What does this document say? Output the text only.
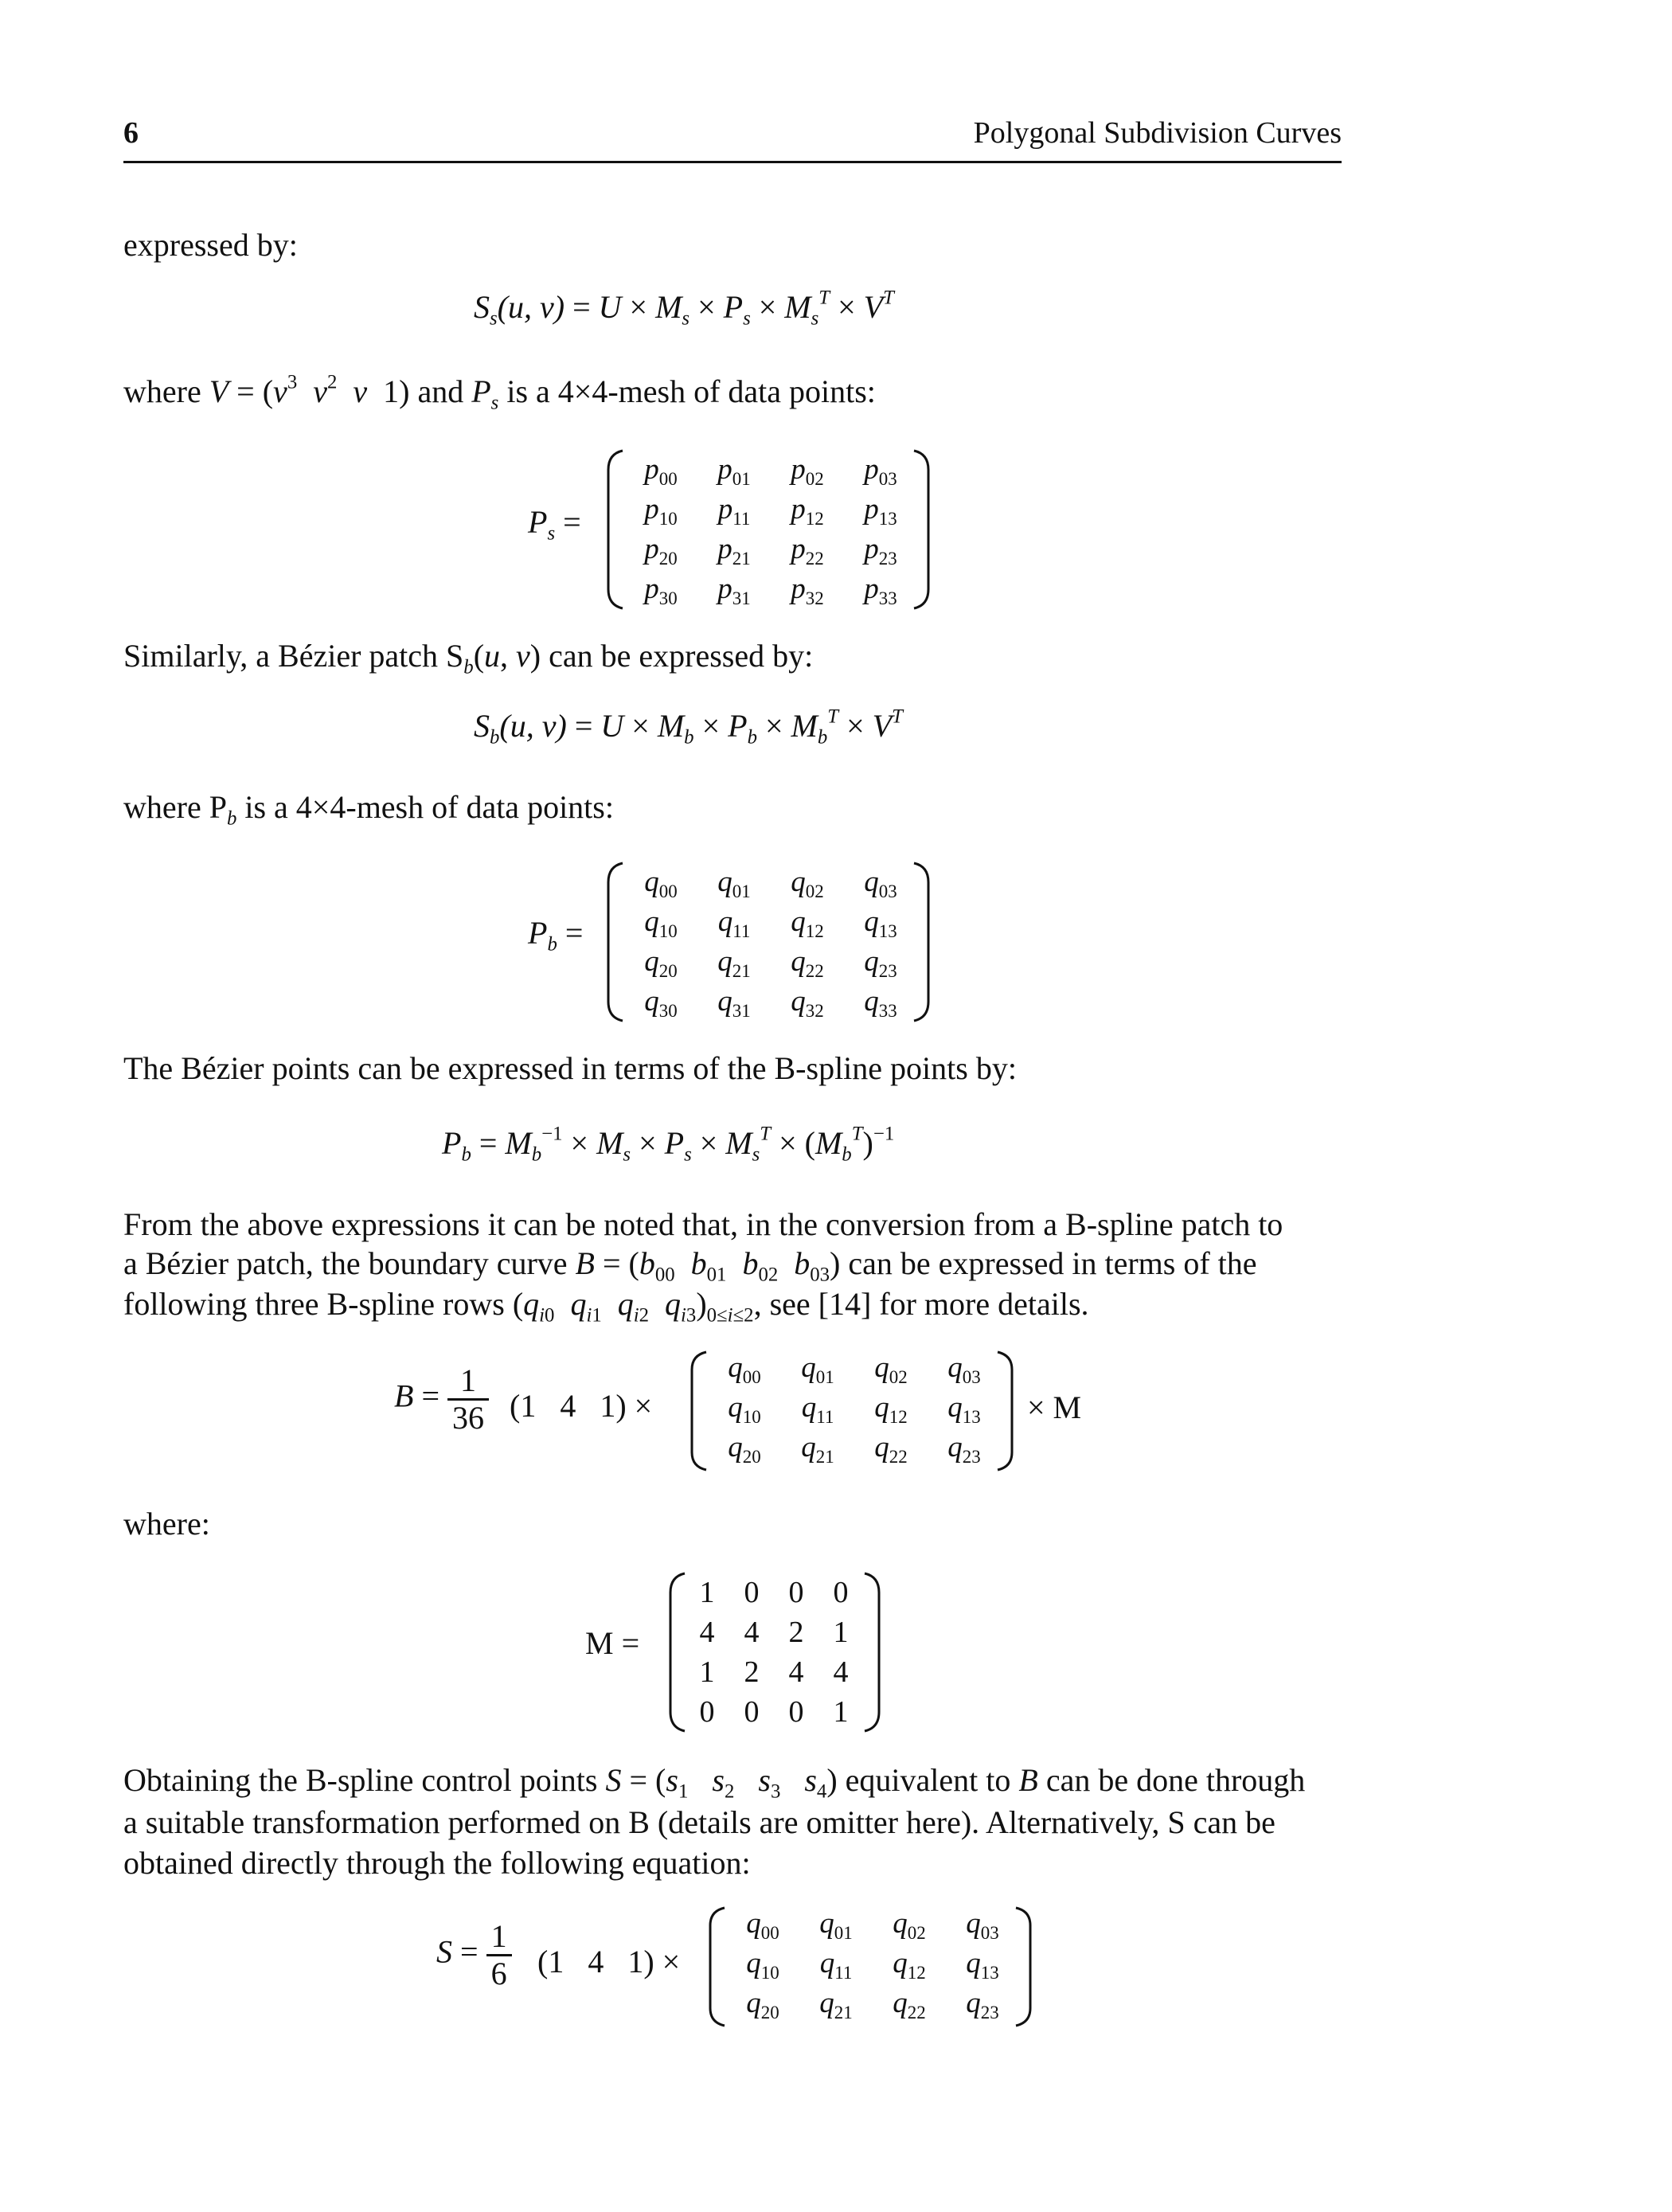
6	Polygonal Subdivision Curves
expressed by:
$S_s(u$, $v) = U \times M_s \times P_s \times M_s^T \times V^T$
where $V = (v^3$ $v^2$ v  1) and $P_s$ is a 4×4-mesh of data points:
$P_s$ =
$p_{00}$	$p_{01}$	$p_{02}$	$p_{03}$
$p_{10}$	$p_{11}$	$p_{12}$	$p_{13}$
$p_{20}$	$p_{21}$	$p_{22}$	$p_{23}$
$p_{30}$	$p_{31}$	$p_{32}$	$p_{33}$
Similarly, a Bézier patch $S_b(u$, v) can be expressed by:
$S_b(u$, $v) = U \times M_b \times P_b \times M_b^T \times V^T$
where $P_b$ is a 4×4-mesh of data points:
$P_b$ =
$q_{00}$	$q_{01}$	$q_{02}$	$q_{03}$
$q_{10}$	$q_{11}$	$q_{12}$	$q_{13}$
$q_{20}$	$q_{21}$	$q_{22}$	$q_{23}$
$q_{30}$	$q_{31}$	$q_{32}$	$q_{33}$
The Bézier points can be expressed in terms of the B-spline points by:
$P_b = M_b^{-1} \times M_s \times P_s \times M_s^T \times (M_b^T)^{-1}$
From the above expressions it can be noted that, in the conversion from a B-spline patch to
a Bézier patch, the boundary curve $B = (b_{00}$ $b_{01}$ $b_{02}$ $b_{03}$) can be expressed in terms of the
following three B-spline rows ($q_{i0}$ $q_{i1}$ $q_{i2}$ $q_{i3})_{0\le i\le 2}$, see [14] for more details.
$B = \frac{1}{36} (1$   4   1) ×
$q_{00}$	$q_{01}$	$q_{02}$	$q_{03}$
$q_{10}$	$q_{11}$	$q_{12}$	$q_{13}$
$q_{20}$	$q_{21}$	$q_{22}$	$q_{23}$
× M
where:
M =
1 0 0 0
4 4 2 1
1 2 4 4
0 0 0 1
Obtaining the B-spline control points $S = (s_1$ $s_2$ $s_3$ $s_4$) equivalent to B can be done through
a suitable transformation performed on B (details are omitter here). Alternatively, S can be
obtained directly through the following equation:
$S = \frac{1}{6} (1$   4   1) ×
$q_{00}$	$q_{01}$	$q_{02}$	$q_{03}$
$q_{10}$	$q_{11}$	$q_{12}$	$q_{13}$
$q_{20}$	$q_{21}$	$q_{22}$	$q_{23}$
